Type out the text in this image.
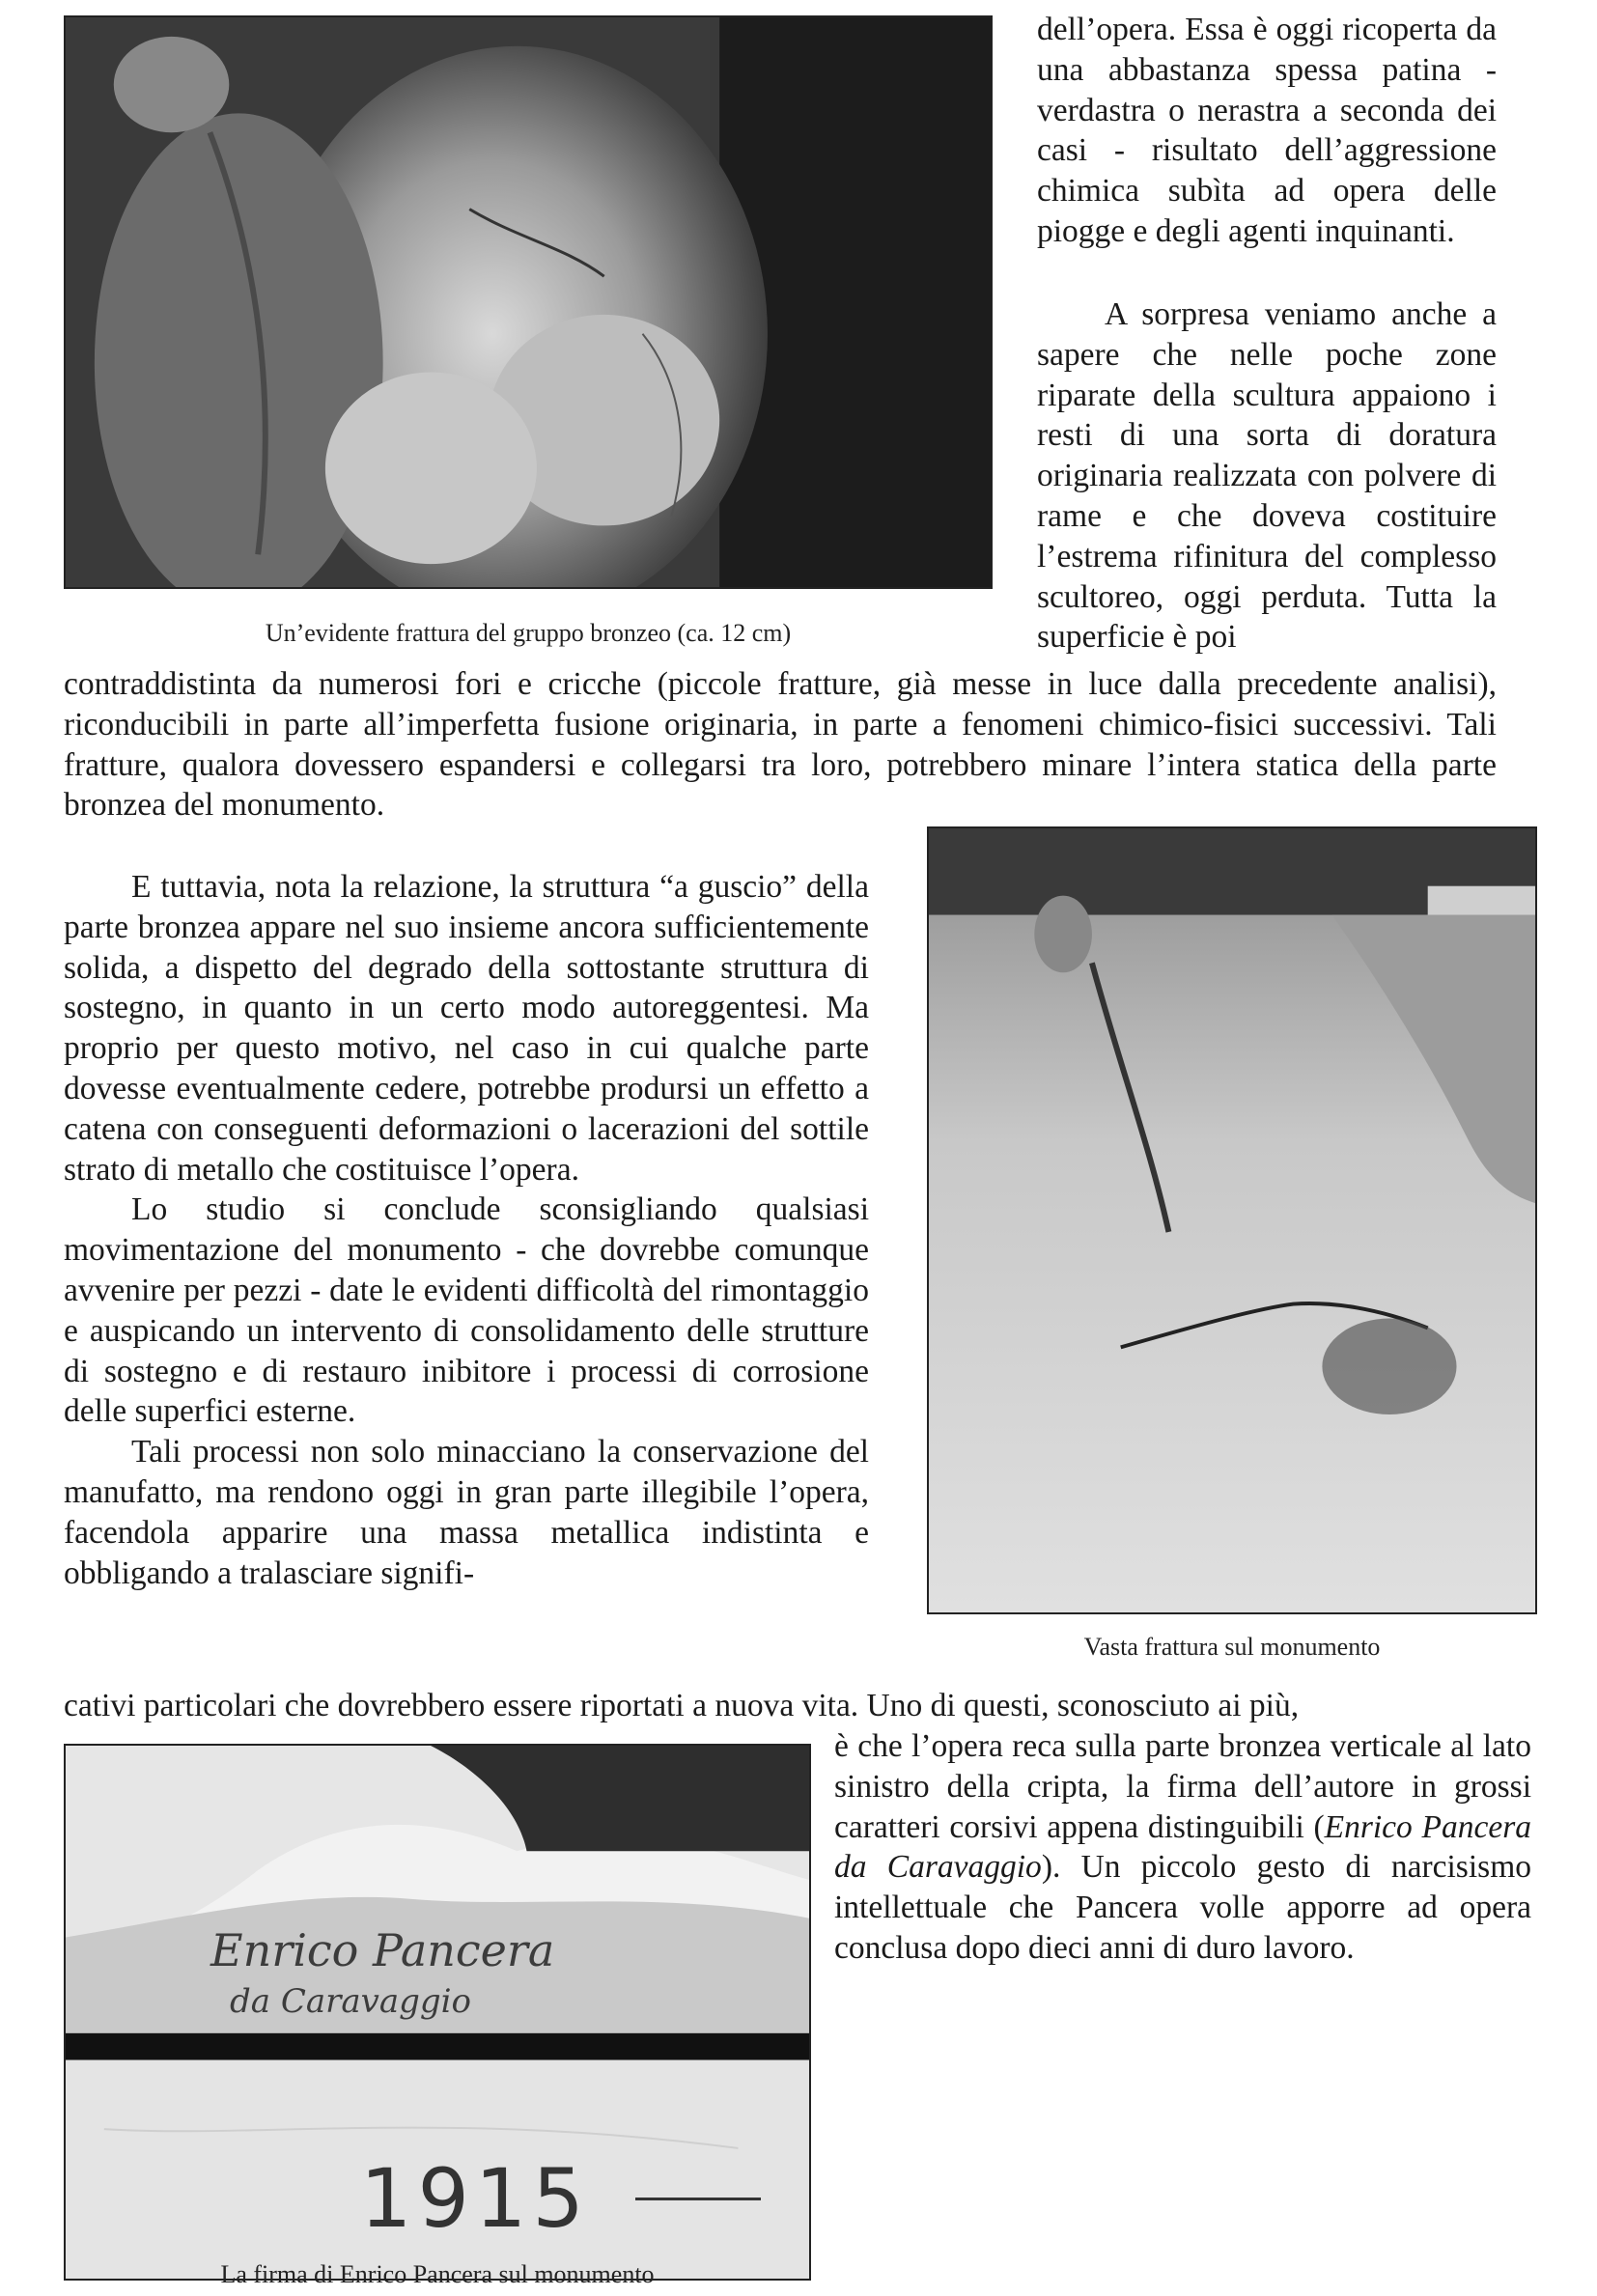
Un’evidente frattura del gruppo bronzeo (ca. 12 cm)

dell’opera. Essa è oggi ricoperta da una abbastanza spessa patina - verdastra o nerastra a seconda dei casi - risultato dell’aggressione chimica subìta ad opera delle piogge e degli agenti inquinanti.

A sorpresa veniamo anche a sapere che nelle poche zone riparate della scultura appaiono i resti di una sorta di doratura originaria realizzata con polvere di rame e che doveva costituire l’estrema rifinitura del complesso scultoreo, oggi perduta. Tutta la superficie è poi

contraddistinta da numerosi fori e cricche (piccole fratture, già messe in luce dalla precedente analisi), riconducibili in parte all’imperfetta fusione originaria, in parte a fenomeni chimico-fisici successivi. Tali fratture, qualora dovessero espandersi e collegarsi tra loro, potrebbero minare l’intera statica della parte bronzea del monumento.

Vasta frattura sul monumento

E tuttavia, nota la relazione, la struttura “a guscio” della parte bronzea appare nel suo insieme ancora sufficientemente solida, a dispetto del degrado della sottostante struttura di sostegno, in quanto in un certo modo autoreggentesi. Ma proprio per questo motivo, nel caso in cui qualche parte dovesse eventualmente cedere, potrebbe prodursi un effetto a catena con conseguenti deformazioni o lacerazioni del sottile strato di metallo che costituisce l’opera.

Lo studio si conclude sconsigliando qualsiasi movimentazione del monumento - che dovrebbe comunque avvenire per pezzi - date le evidenti difficoltà del rimontaggio e auspicando un intervento di consolidamento delle strutture di sostegno e di restauro inibitore i processi di corrosione delle superfici esterne.

Tali processi non solo minacciano la conservazione del manufatto, ma rendono oggi in gran parte illegibile l’opera, facendola apparire una massa metallica indistinta e obbligando a tralasciare signifi-

cativi particolari che dovrebbero essere riportati a nuova vita. Uno di questi, sconosciuto ai più,

Enrico Pancera
da Caravaggio
1915
La firma di Enrico Pancera sul monumento

è che l’opera reca sulla parte bronzea verticale al lato sinistro della cripta, la firma dell’autore in grossi caratteri corsivi appena distinguibili (Enrico Pancera da Caravaggio). Un piccolo gesto di narcisismo intellettuale che Pancera volle apporre ad opera conclusa dopo dieci anni di duro lavoro.
